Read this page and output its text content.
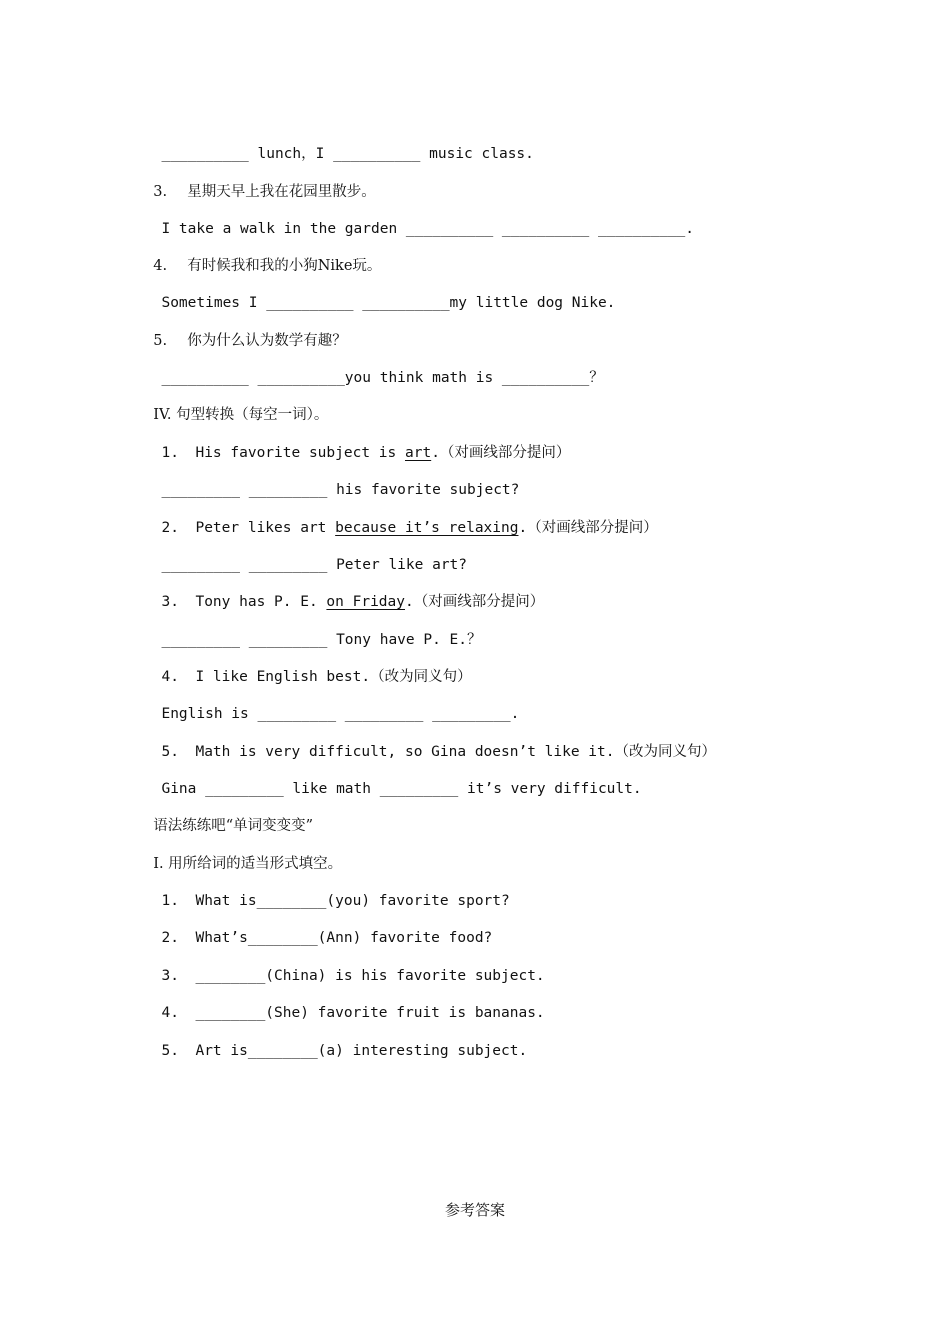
__________ lunch，I __________ music class.

3. 星期天早上我在花园里散步。

I take a walk in the garden __________ __________ __________.

4. 有时候我和我的小狗Nike玩。

Sometimes I __________ __________my little dog Nike.

5. 你为什么认为数学有趣？

__________ __________you think math is __________？

IV. 句型转换（每空一词）。

1. His favorite subject is art.（对画线部分提问）

_________ _________ his favorite subject?

2. Peter likes art because it’s relaxing.（对画线部分提问）

_________ _________ Peter like art?

3. Tony has P. E. on Friday.（对画线部分提问）

_________ _________ Tony have P. E.？

4. I like English best.（改为同义句）

English is _________ _________ _________.

5. Math is very difficult, so Gina doesn’t like it.（改为同义句）

Gina _________ like math _________ it’s very difficult.

语法练练吧“单词变变变”

I. 用所给词的适当形式填空。

1. What is________(you) favorite sport?

2. What’s________(Ann) favorite food?

3. ________(China) is his favorite subject.

4. ________(She) favorite fruit is bananas.

5. Art is________(a) interesting subject.

参考答案
